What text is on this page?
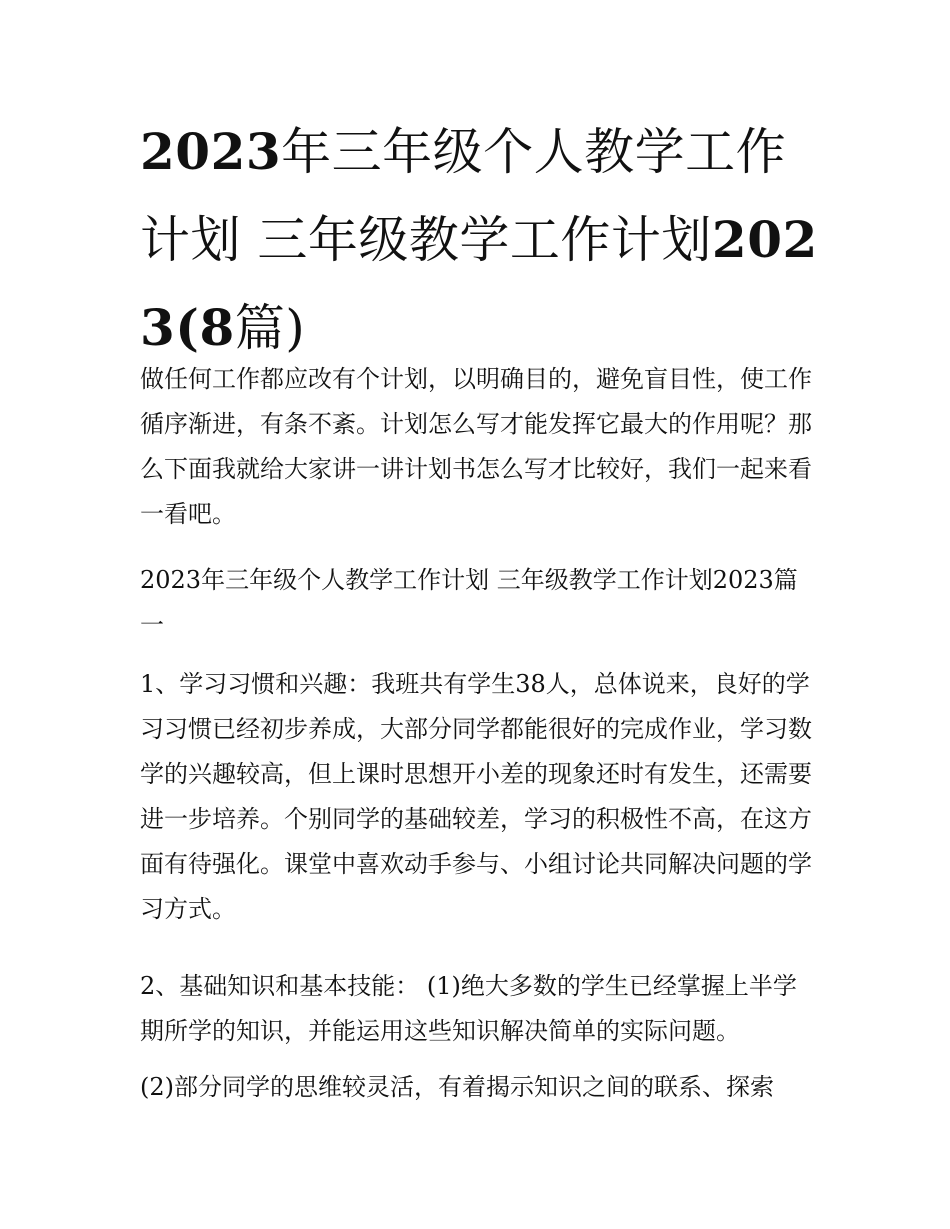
2023年三年级个人教学工作计划 三年级教学工作计划2023(8篇)

做任何工作都应改有个计划，以明确目的，避免盲目性，使工作循序渐进，有条不紊。计划怎么写才能发挥它最大的作用呢？那么下面我就给大家讲一讲计划书怎么写才比较好，我们一起来看一看吧。

2023年三年级个人教学工作计划 三年级教学工作计划2023篇一

1、学习习惯和兴趣：我班共有学生38人，总体说来，良好的学习习惯已经初步养成，大部分同学都能很好的完成作业，学习数学的兴趣较高，但上课时思想开小差的现象还时有发生，还需要进一步培养。个别同学的基础较差，学习的积极性不高，在这方面有待强化。课堂中喜欢动手参与、小组讨论共同解决问题的学习方式。

2、基础知识和基本技能： (1)绝大多数的学生已经掌握上半学期所学的知识，并能运用这些知识解决简单的实际问题。

(2)部分同学的思维较灵活，有着揭示知识之间的联系、探索
